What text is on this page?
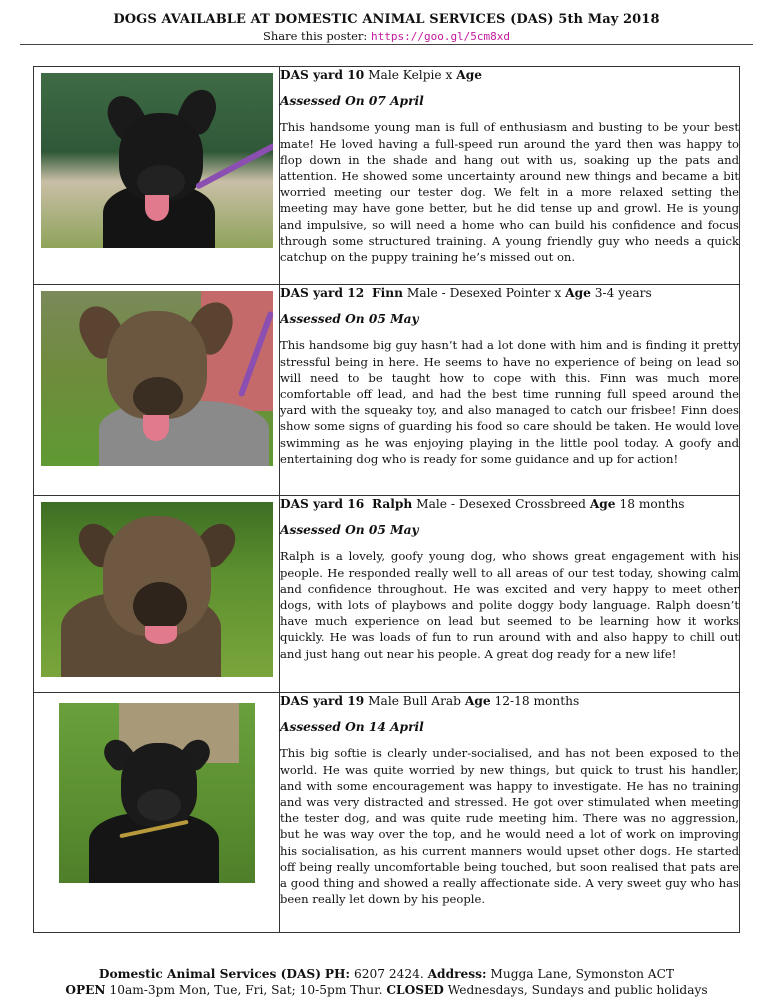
DOGS AVAILABLE AT DOMESTIC ANIMAL SERVICES (DAS) 5th May 2018
Share this poster: https://goo.gl/5cm8xd

	DAS yard 10 Male Kelpie x Age

Assessed On 07 April

This handsome young man is full of enthusiasm and busting to be your best mate! He loved having a full-speed run around the yard then was happy to flop down in the shade and hang out with us, soaking up the pats and attention. He showed some uncertainty around new things and became a bit worried meeting our tester dog. We felt in a more relaxed setting the meeting may have gone better, but he did tense up and growl. He is young and impulsive, so will need a home who can build his confidence and focus through some structured training. A young friendly guy who needs a quick catchup on the puppy training he’s missed out on.

	DAS yard 12 Finn Male - Desexed Pointer x Age 3-4 years

Assessed On 05 May

This handsome big guy hasn’t had a lot done with him and is finding it pretty stressful being in here. He seems to have no experience of being on lead so will need to be taught how to cope with this. Finn was much more comfortable off lead, and had the best time running full speed around the yard with the squeaky toy, and also managed to catch our frisbee! Finn does show some signs of guarding his food so care should be taken. He would love swimming as he was enjoying playing in the little pool today. A goofy and entertaining dog who is ready for some guidance and up for action!

	DAS yard 16 Ralph Male - Desexed Crossbreed Age 18 months

Assessed On 05 May

Ralph is a lovely, goofy young dog, who shows great engagement with his people. He responded really well to all areas of our test today, showing calm and confidence throughout. He was excited and very happy to meet other dogs, with lots of playbows and polite doggy body language. Ralph doesn’t have much experience on lead but seemed to be learning how it works quickly. He was loads of fun to run around with and also happy to chill out and just hang out near his people. A great dog ready for a new life!

	DAS yard 19 Male Bull Arab Age 12-18 months

Assessed On 14 April

This big softie is clearly under-socialised, and has not been exposed to the world. He was quite worried by new things, but quick to trust his handler, and with some encouragement was happy to investigate. He has no training and was very distracted and stressed. He got over stimulated when meeting the tester dog, and was quite rude meeting him. There was no aggression, but he was way over the top, and he would need a lot of work on improving his socialisation, as his current manners would upset other dogs. He started off being really uncomfortable being touched, but soon realised that pats are a good thing and showed a really affectionate side. A very sweet guy who has been really let down by his people.

Domestic Animal Services (DAS) PH: 6207 2424. Address: Mugga Lane, Symonston ACT
OPEN 10am-3pm Mon, Tue, Fri, Sat; 10-5pm Thur. CLOSED Wednesdays, Sundays and public holidays
